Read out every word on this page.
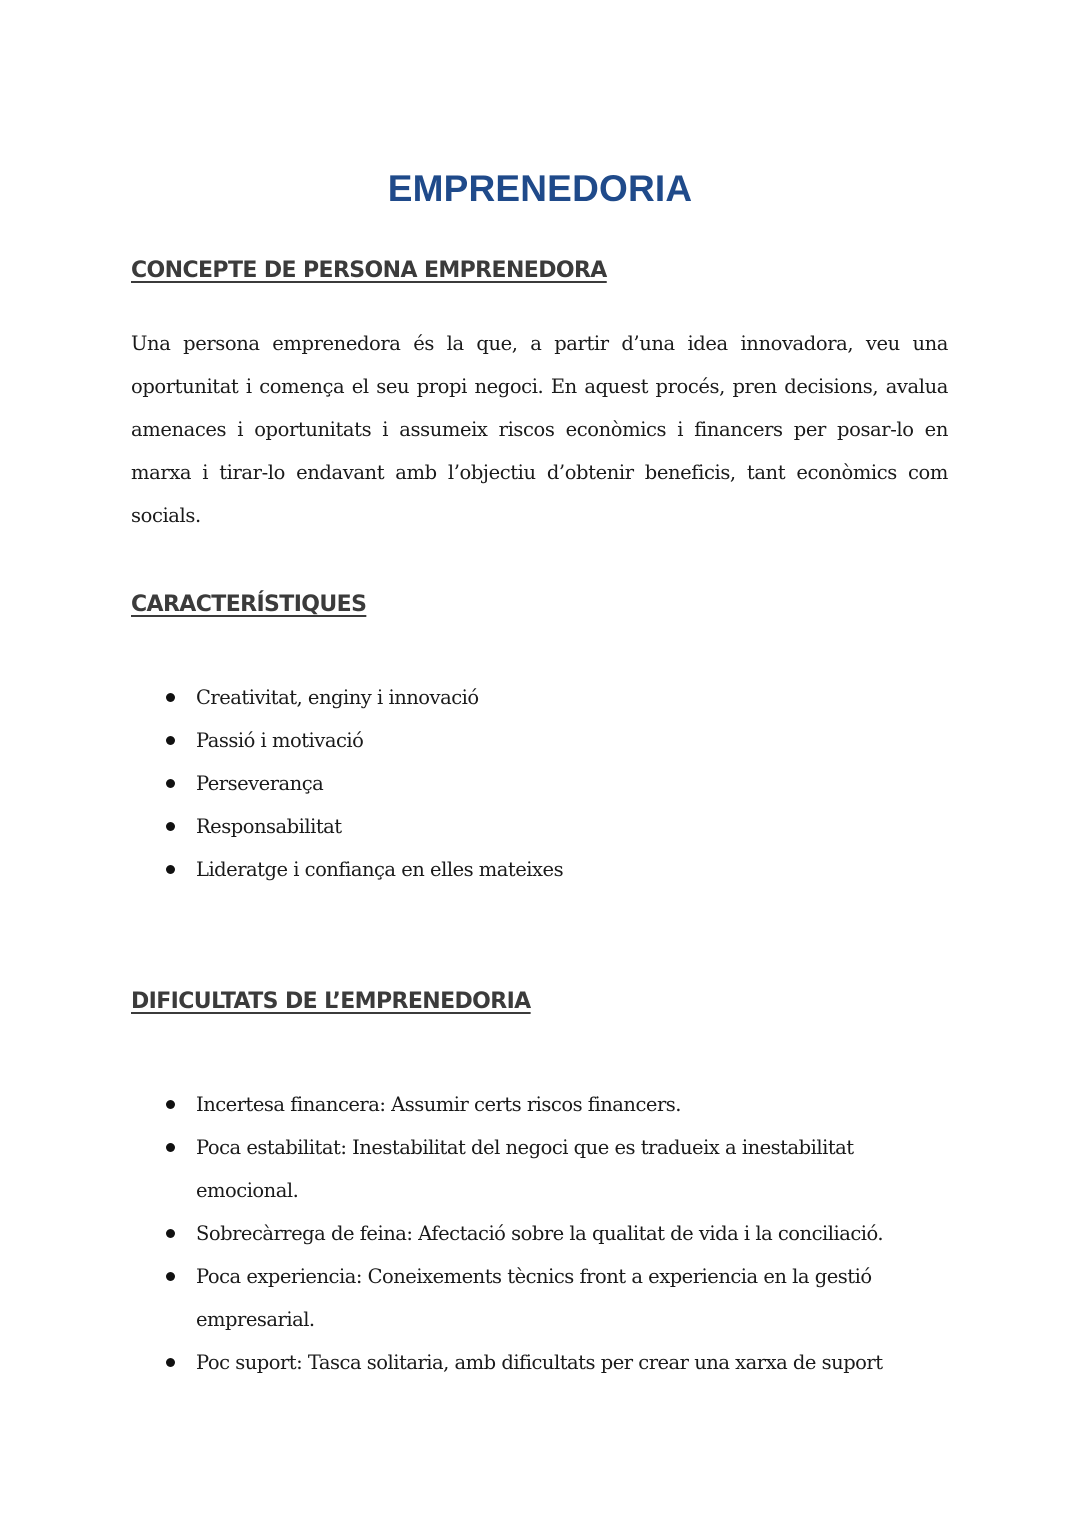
EMPRENEDORIA
CONCEPTE DE PERSONA EMPRENEDORA

Una persona emprenedora és la que, a partir d’una idea innovadora, veu una oportunitat i comença el seu propi negoci. En aquest procés, pren decisions, avalua amenaces i oportunitats i assumeix riscos econòmics i financers per posar-lo en marxa i tirar-lo endavant amb l’objectiu d’obtenir beneficis, tant econòmics com socials.

CARACTERÍSTIQUES
Creativitat, enginy i innovació
Passió i motivació
Perseverança
Responsabilitat
Lideratge i confiança en elles mateixes
DIFICULTATS DE L’EMPRENEDORIA
Incertesa financera: Assumir certs riscos financers.
Poca estabilitat: Inestabilitat del negoci que es tradueix a inestabilitat emocional.
Sobrecàrrega de feina: Afectació sobre la qualitat de vida i la conciliació.
Poca experiencia: Coneixements tècnics front a experiencia en la gestió empresarial.
Poc suport: Tasca solitaria, amb dificultats per crear una xarxa de suport
